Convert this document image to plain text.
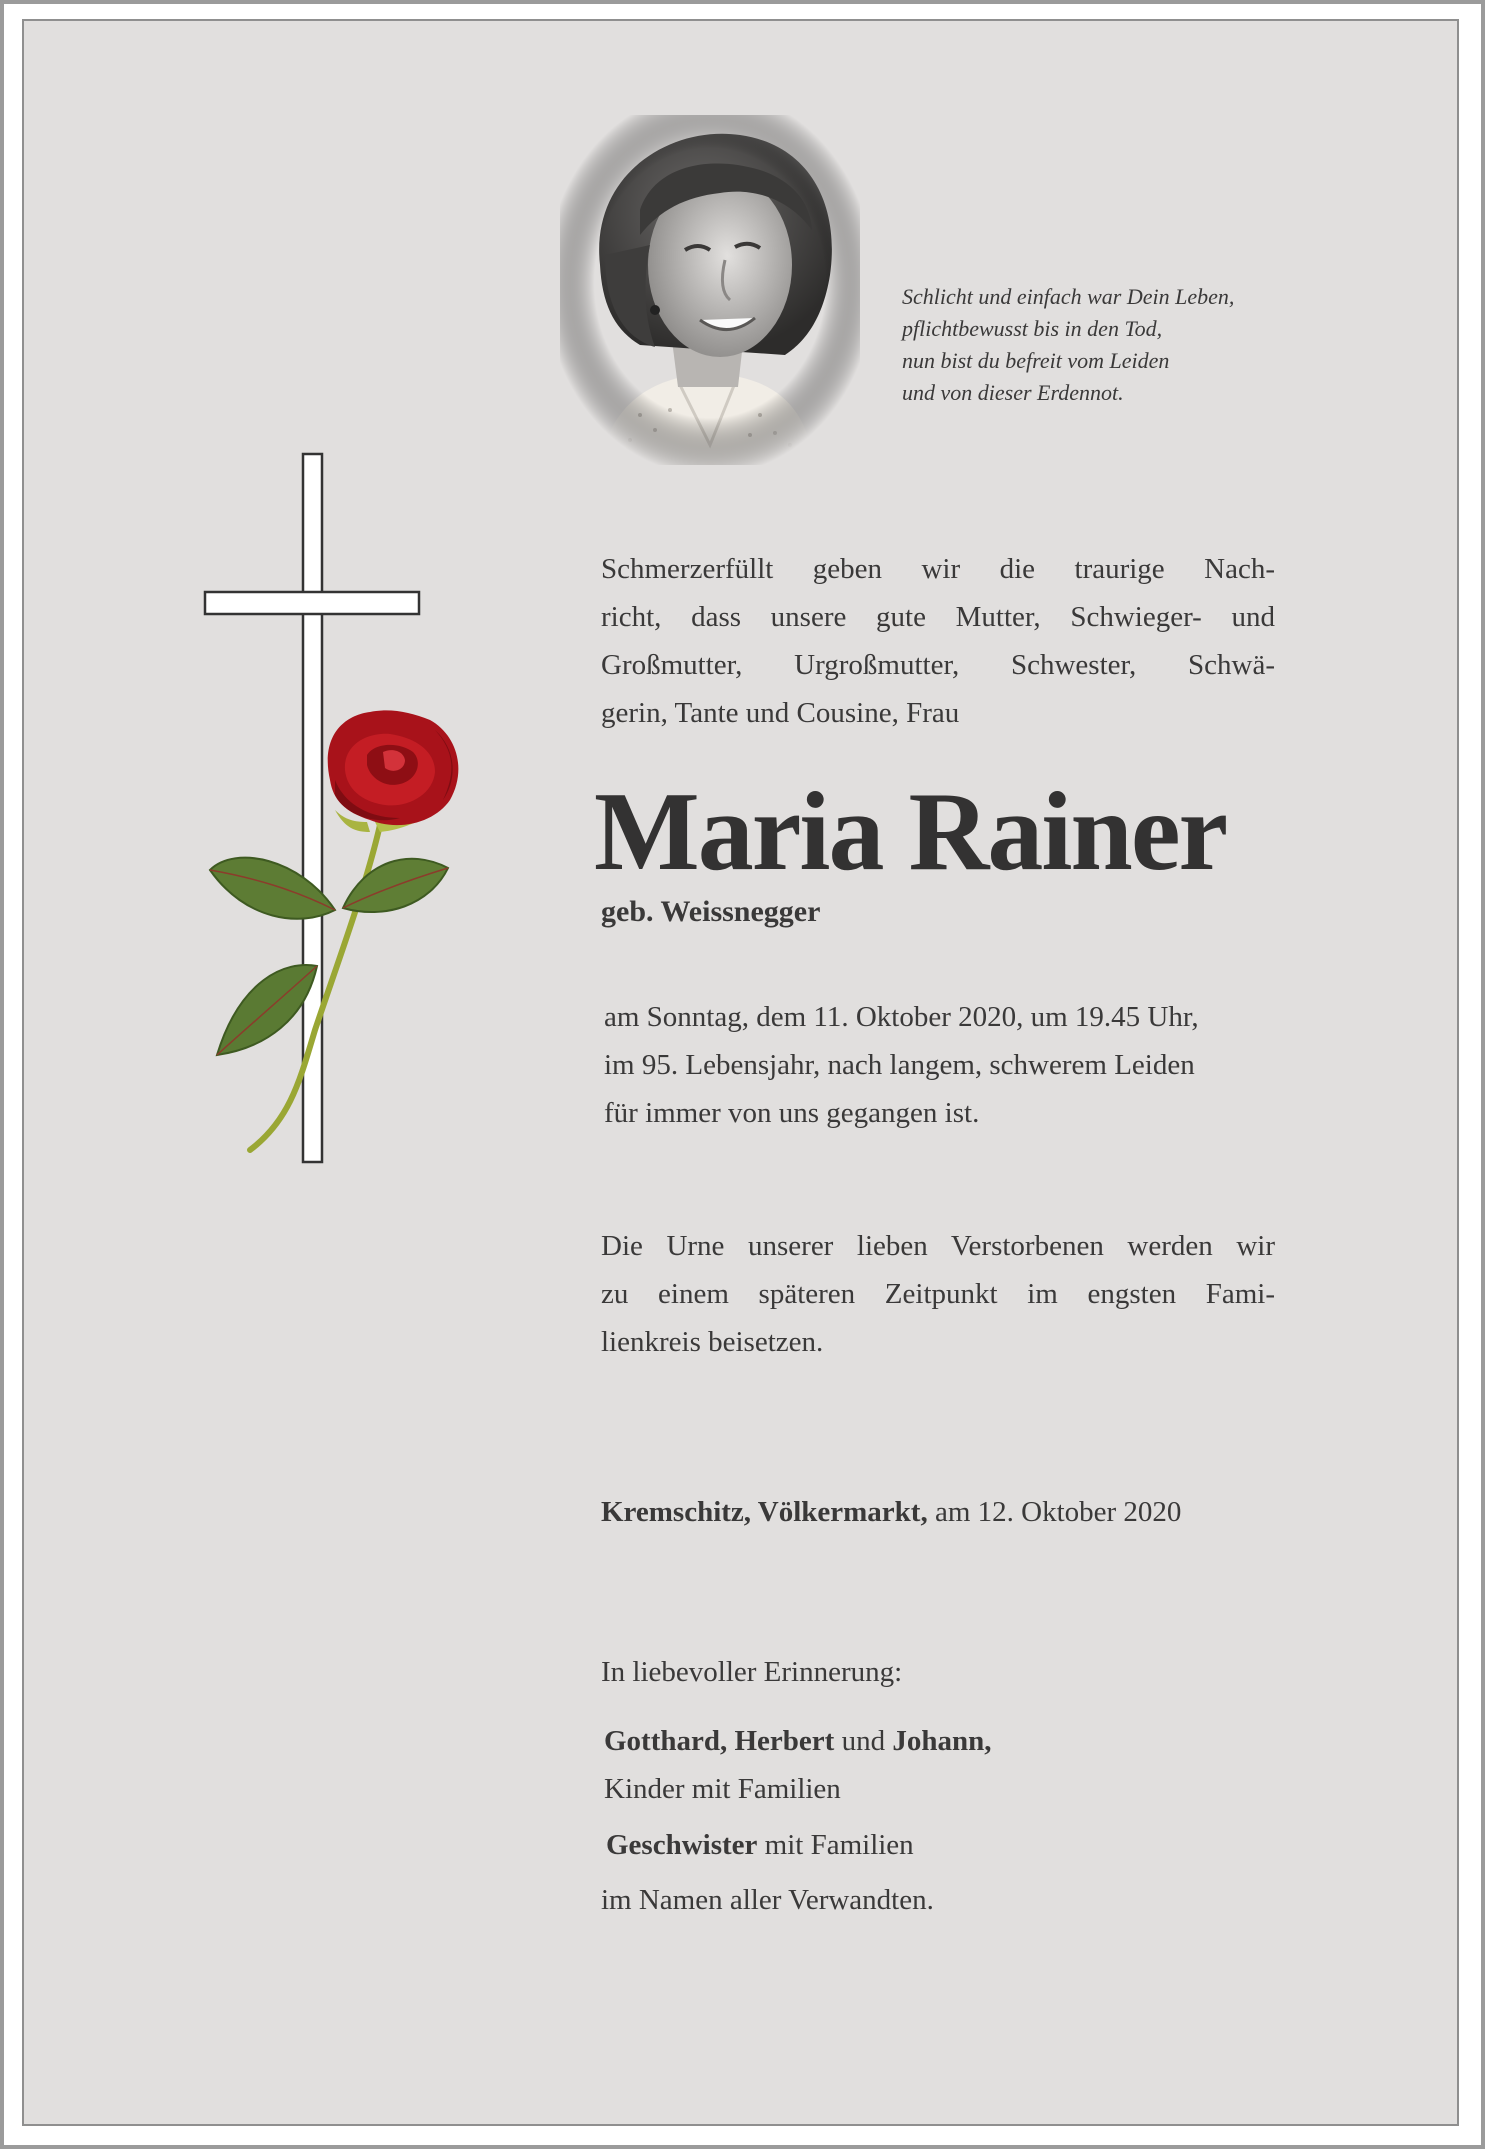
Schlicht und einfach war Dein Leben,
pflichtbewusst bis in den Tod,
nun bist du befreit vom Leiden
und von dieser Erdennot.
Schmerzerfüllt geben wir die traurige Nach-
richt, dass unsere gute Mutter, Schwieger- und
Großmutter, Urgroßmutter, Schwester, Schwä-
gerin, Tante und Cousine, Frau
Maria Rainer
geb. Weissnegger
am Sonntag, dem 11. Oktober 2020, um 19.45 Uhr,
im 95. Lebensjahr, nach langem, schwerem Leiden
für immer von uns gegangen ist.
Die Urne unserer lieben Verstorbenen werden wir
zu einem späteren Zeitpunkt im engsten Fami-
lienkreis beisetzen.
Kremschitz, Völkermarkt, am 12. Oktober 2020
In liebevoller Erinnerung:
Gotthard, Herbert und Johann,
Kinder mit Familien
Geschwister mit Familien
im Namen aller Verwandten.
